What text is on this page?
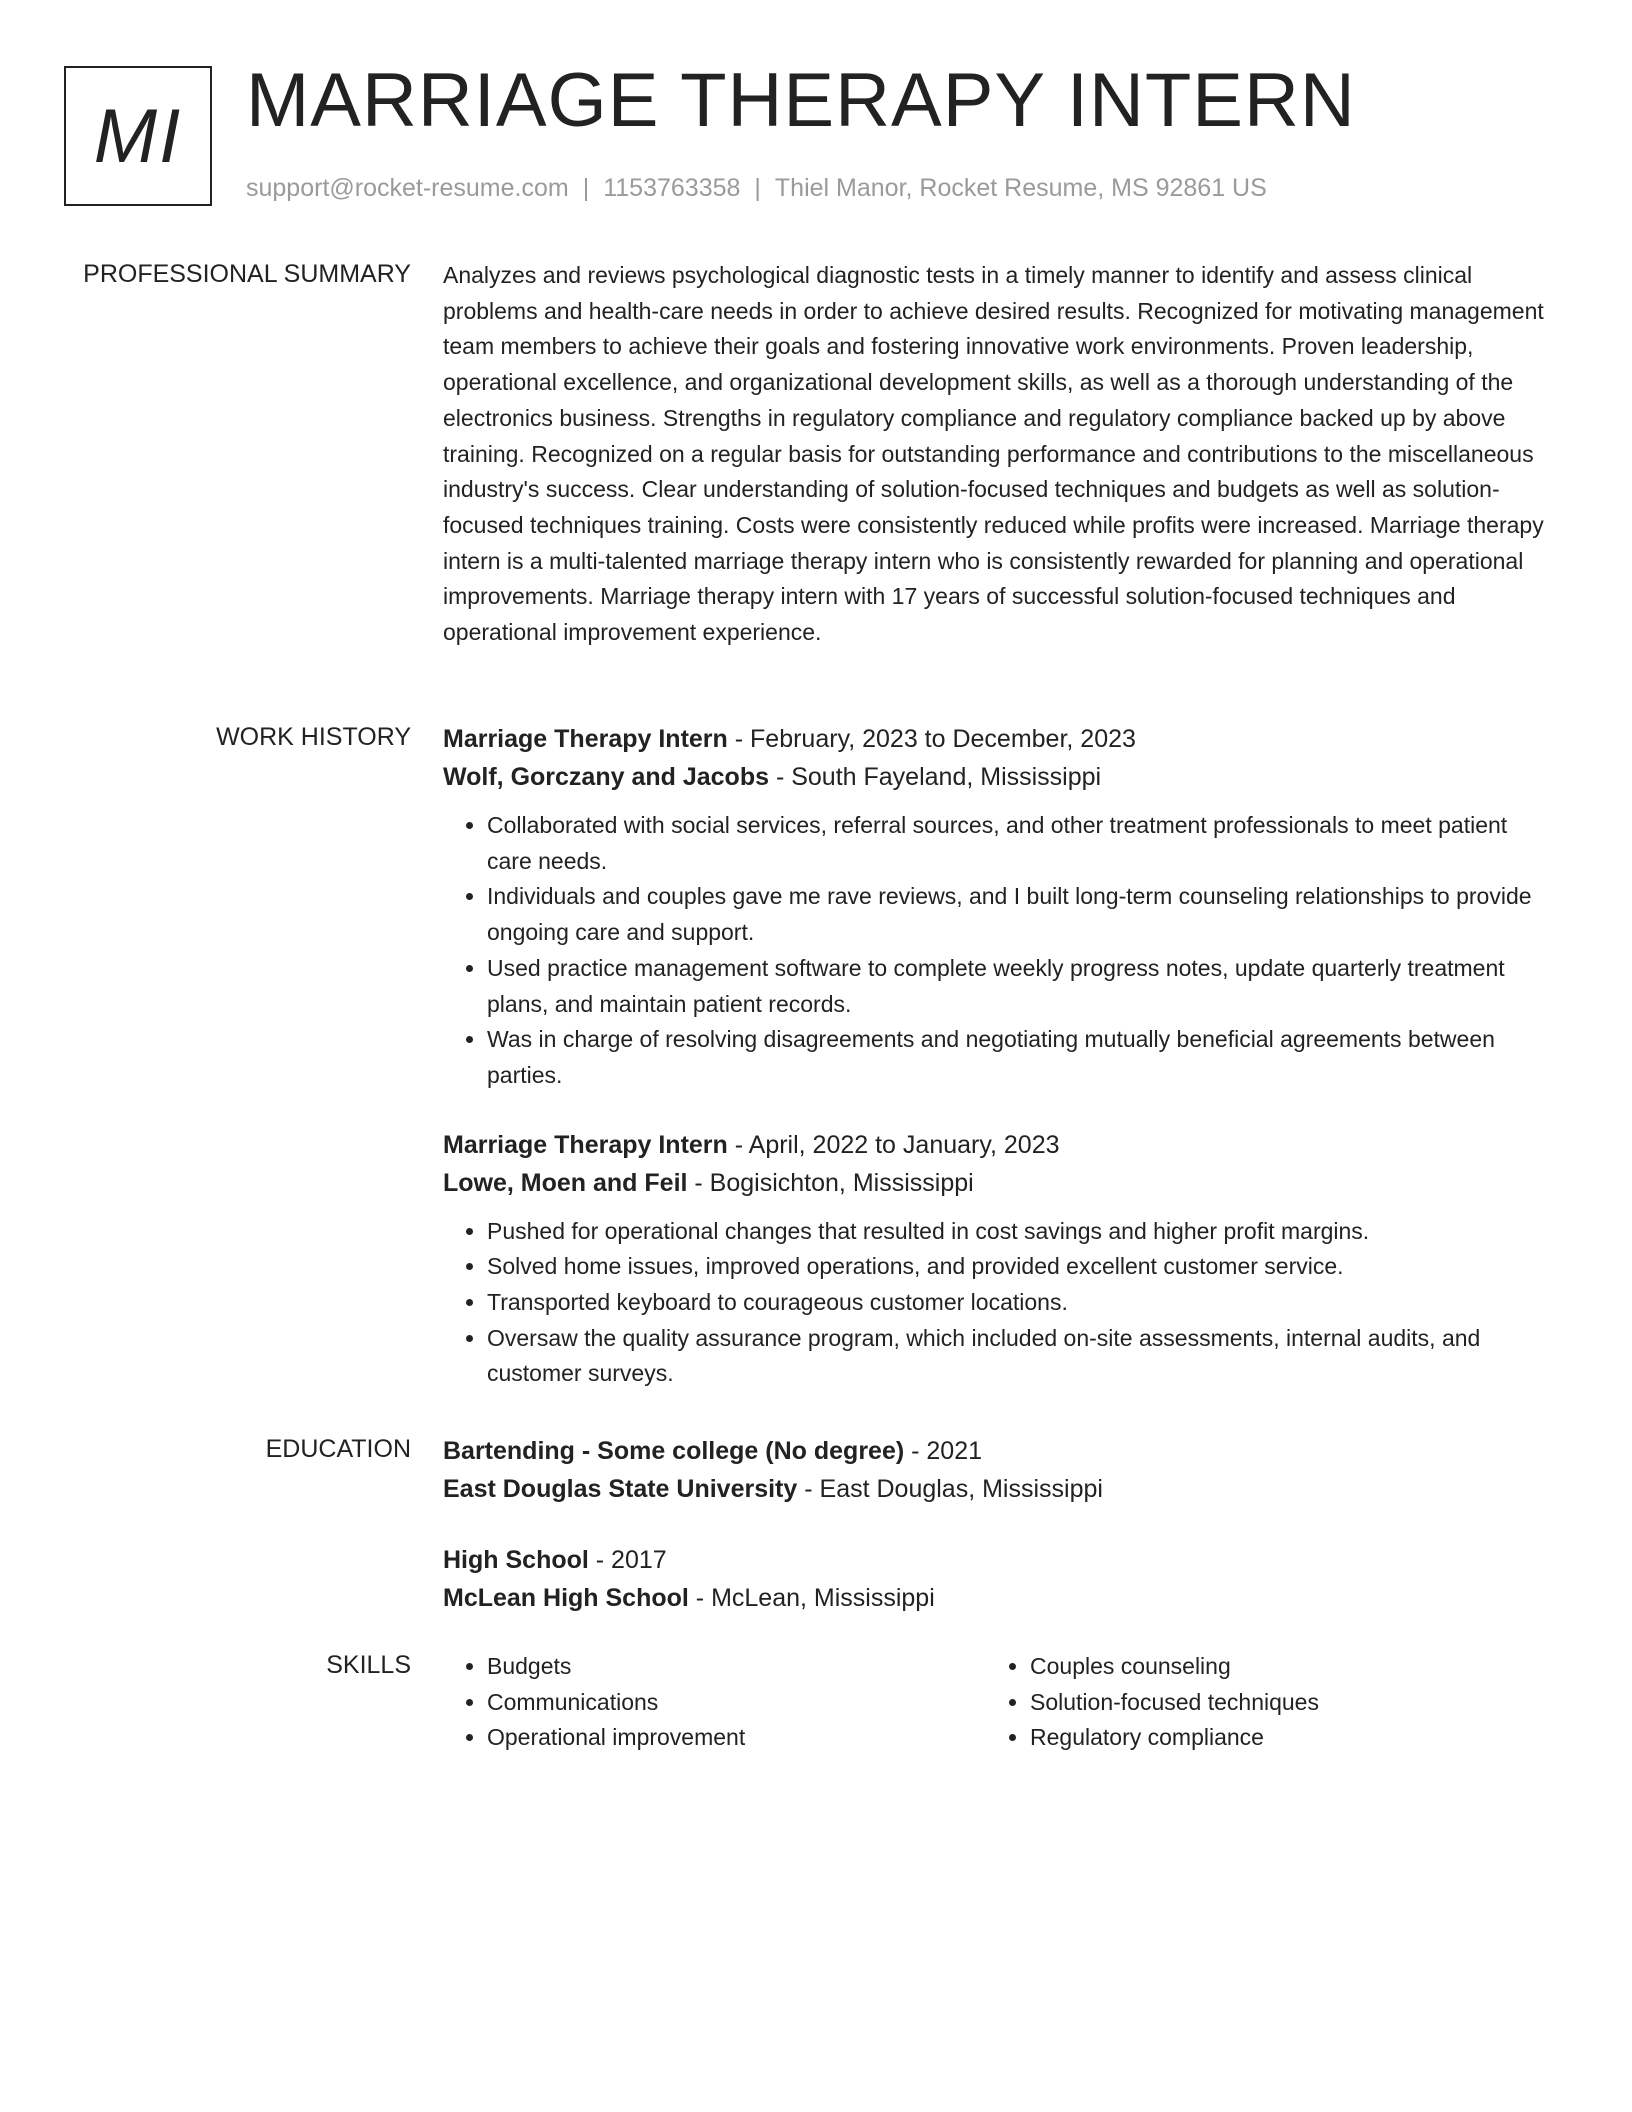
MI MARRIAGE THERAPY INTERN
support@rocket-resume.com | 1153763358 | Thiel Manor, Rocket Resume, MS 92861 US
PROFESSIONAL SUMMARY Analyzes and reviews psychological diagnostic tests in a timely manner to identify and assess clinical problems and health-care needs in order to achieve desired results. Recognized for motivating management team members to achieve their goals and fostering innovative work environments. Proven leadership, operational excellence, and organizational development skills, as well as a thorough understanding of the electronics business. Strengths in regulatory compliance and regulatory compliance backed up by above training. Recognized on a regular basis for outstanding performance and contributions to the miscellaneous industry's success. Clear understanding of solution-focused techniques and budgets as well as solution-focused techniques training. Costs were consistently reduced while profits were increased. Marriage therapy intern is a multi-talented marriage therapy intern who is consistently rewarded for planning and operational improvements. Marriage therapy intern with 17 years of successful solution-focused techniques and operational improvement experience.

WORK HISTORY Marriage Therapy Intern - February, 2023 to December, 2023
Wolf, Gorczany and Jacobs - South Fayeland, Mississippi
• Collaborated with social services, referral sources, and other treatment professionals to meet patient care needs.
• Individuals and couples gave me rave reviews, and I built long-term counseling relationships to provide ongoing care and support.
• Used practice management software to complete weekly progress notes, update quarterly treatment plans, and maintain patient records.
• Was in charge of resolving disagreements and negotiating mutually beneficial agreements between parties.
Marriage Therapy Intern - April, 2022 to January, 2023
Lowe, Moen and Feil - Bogisichton, Mississippi
• Pushed for operational changes that resulted in cost savings and higher profit margins.
• Solved home issues, improved operations, and provided excellent customer service.
• Transported keyboard to courageous customer locations.
• Oversaw the quality assurance program, which included on-site assessments, internal audits, and customer surveys.
EDUCATION Bartending - Some college (No degree) - 2021
East Douglas State University - East Douglas, Mississippi
High School - 2017
McLean High School - McLean, Mississippi
SKILLS
•	Budgets
• Communications
• Operational improvement
• Couples counseling
• Solution-focused techniques
• Regulatory compliance
